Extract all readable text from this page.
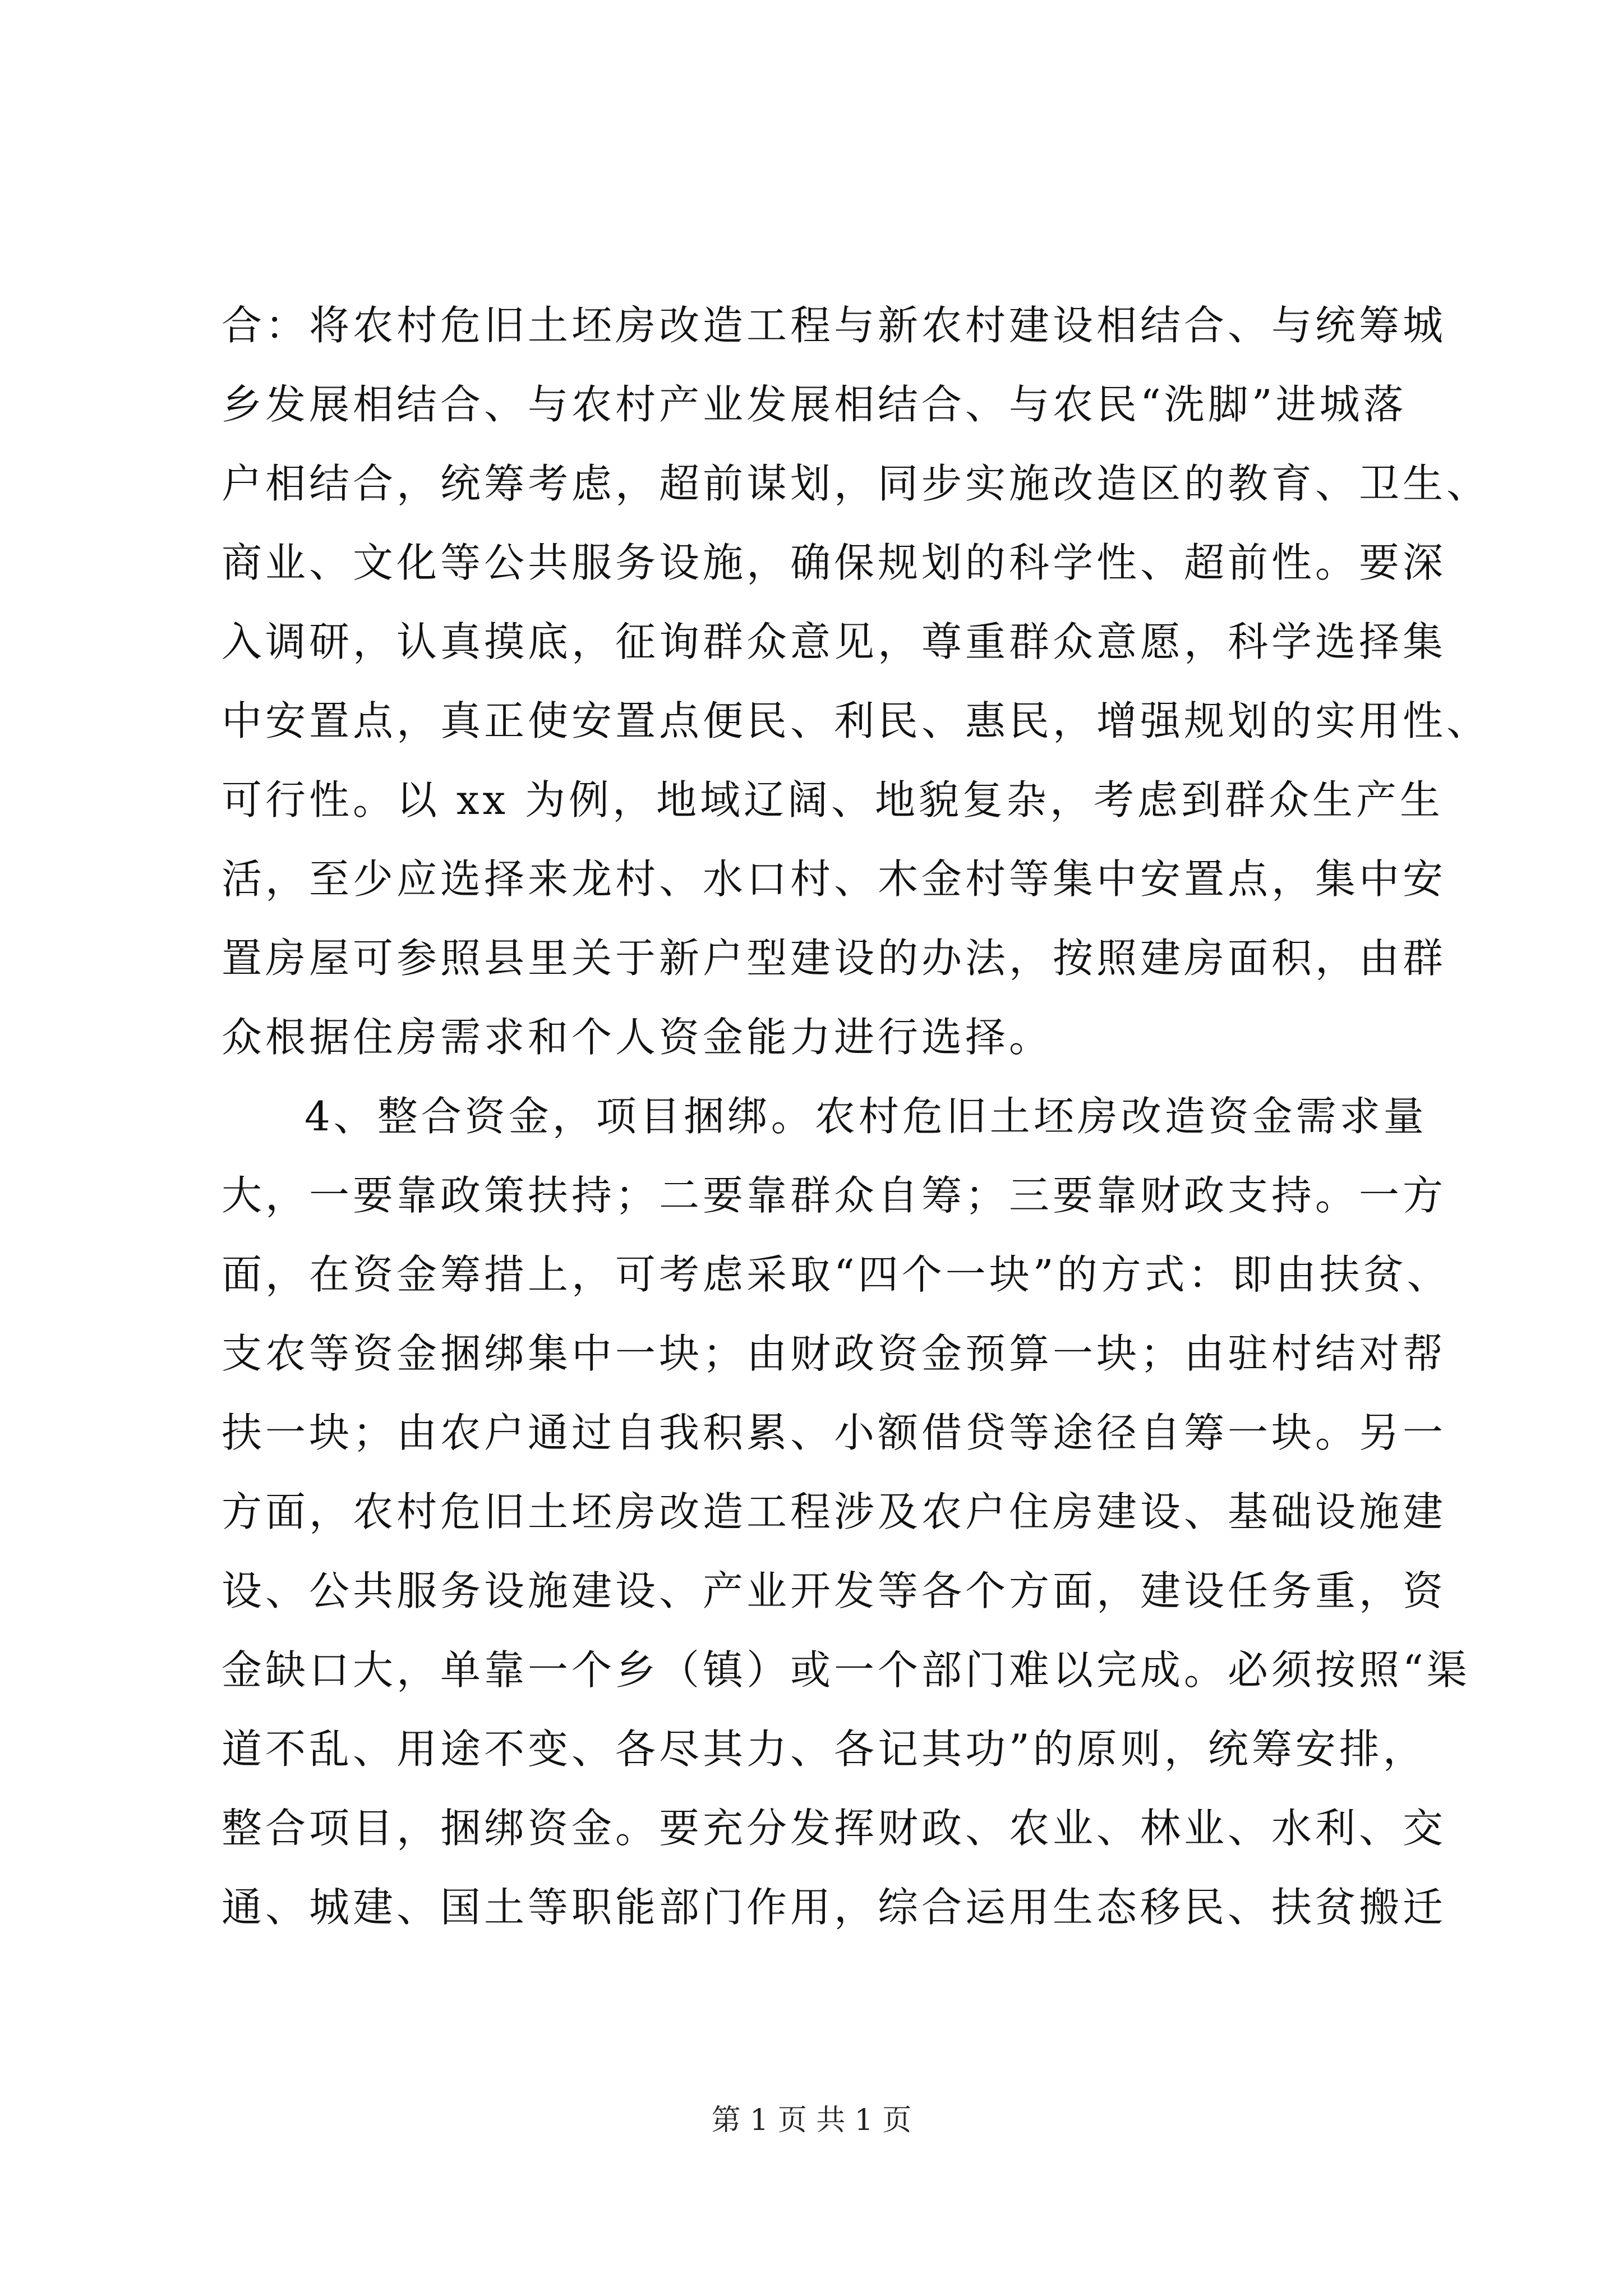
合：将农村危旧土坯房改造工程与新农村建设相结合、与统筹城
乡发展相结合、与农村产业发展相结合、与农民“洗脚”进城落
户相结合，统筹考虑，超前谋划，同步实施改造区的教育、卫生、
商业、文化等公共服务设施，确保规划的科学性、超前性。要深
入调研，认真摸底，征询群众意见，尊重群众意愿，科学选择集
中安置点，真正使安置点便民、利民、惠民，增强规划的实用性、
可行性。以 xx 为例，地域辽阔、地貌复杂，考虑到群众生产生
活，至少应选择来龙村、水口村、木金村等集中安置点，集中安
置房屋可参照县里关于新户型建设的办法，按照建房面积，由群
众根据住房需求和个人资金能力进行选择。
4、整合资金，项目捆绑。农村危旧土坯房改造资金需求量
大，一要靠政策扶持；二要靠群众自筹；三要靠财政支持。一方
面，在资金筹措上，可考虑采取“四个一块”的方式：即由扶贫、
支农等资金捆绑集中一块；由财政资金预算一块；由驻村结对帮
扶一块；由农户通过自我积累、小额借贷等途径自筹一块。另一
方面，农村危旧土坯房改造工程涉及农户住房建设、基础设施建
设、公共服务设施建设、产业开发等各个方面，建设任务重，资
金缺口大，单靠一个乡（镇）或一个部门难以完成。必须按照“渠
道不乱、用途不变、各尽其力、各记其功”的原则，统筹安排，
整合项目，捆绑资金。要充分发挥财政、农业、林业、水利、交
通、城建、国土等职能部门作用，综合运用生态移民、扶贫搬迁
第 1 页 共 1 页
